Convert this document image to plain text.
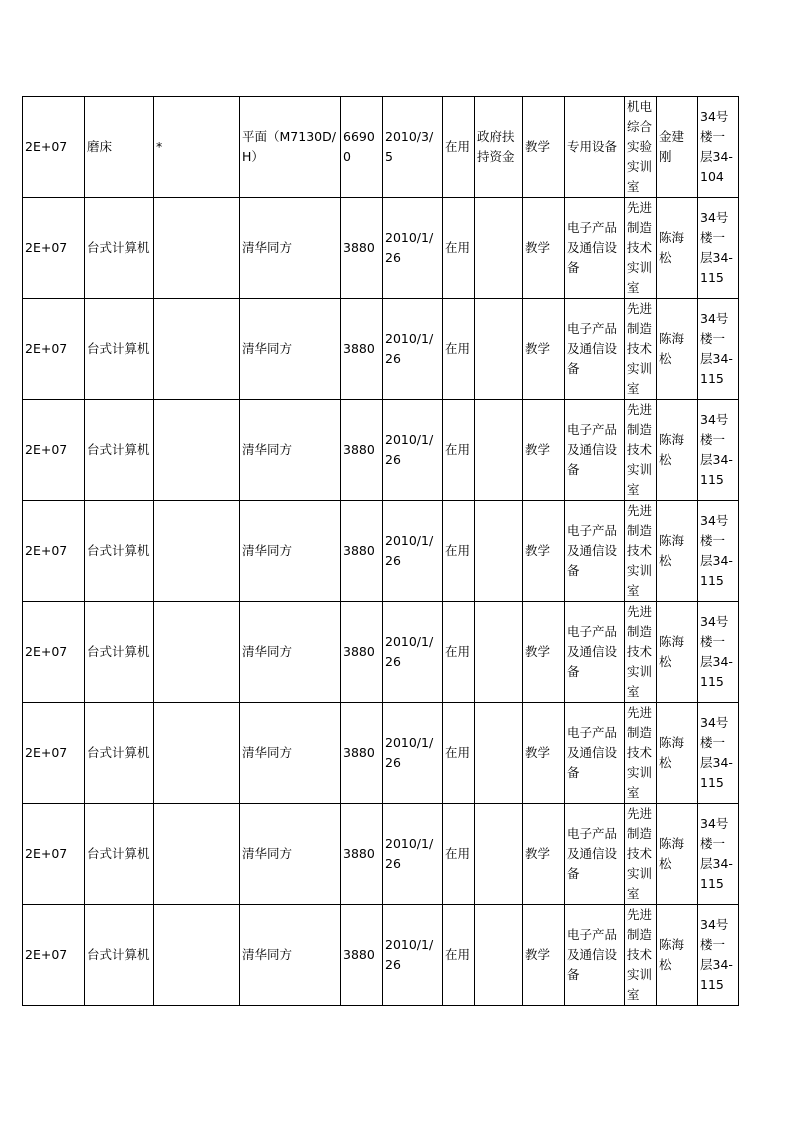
2E+07	磨床	*	平面（M7130D/H）	66900	2010/3/5	在用	政府扶持资金	教学	专用设备	机电综合实验实训室	金建刚	34号楼一层34-104
2E+07	台式计算机		清华同方	3880	2010/1/26	在用		教学	电子产品及通信设备	先进制造技术实训室	陈海松	34号楼一层34-115
2E+07	台式计算机		清华同方	3880	2010/1/26	在用		教学	电子产品及通信设备	先进制造技术实训室	陈海松	34号楼一层34-115
2E+07	台式计算机		清华同方	3880	2010/1/26	在用		教学	电子产品及通信设备	先进制造技术实训室	陈海松	34号楼一层34-115
2E+07	台式计算机		清华同方	3880	2010/1/26	在用		教学	电子产品及通信设备	先进制造技术实训室	陈海松	34号楼一层34-115
2E+07	台式计算机		清华同方	3880	2010/1/26	在用		教学	电子产品及通信设备	先进制造技术实训室	陈海松	34号楼一层34-115
2E+07	台式计算机		清华同方	3880	2010/1/26	在用		教学	电子产品及通信设备	先进制造技术实训室	陈海松	34号楼一层34-115
2E+07	台式计算机		清华同方	3880	2010/1/26	在用		教学	电子产品及通信设备	先进制造技术实训室	陈海松	34号楼一层34-115
2E+07	台式计算机		清华同方	3880	2010/1/26	在用		教学	电子产品及通信设备	先进制造技术实训室	陈海松	34号楼一层34-115
